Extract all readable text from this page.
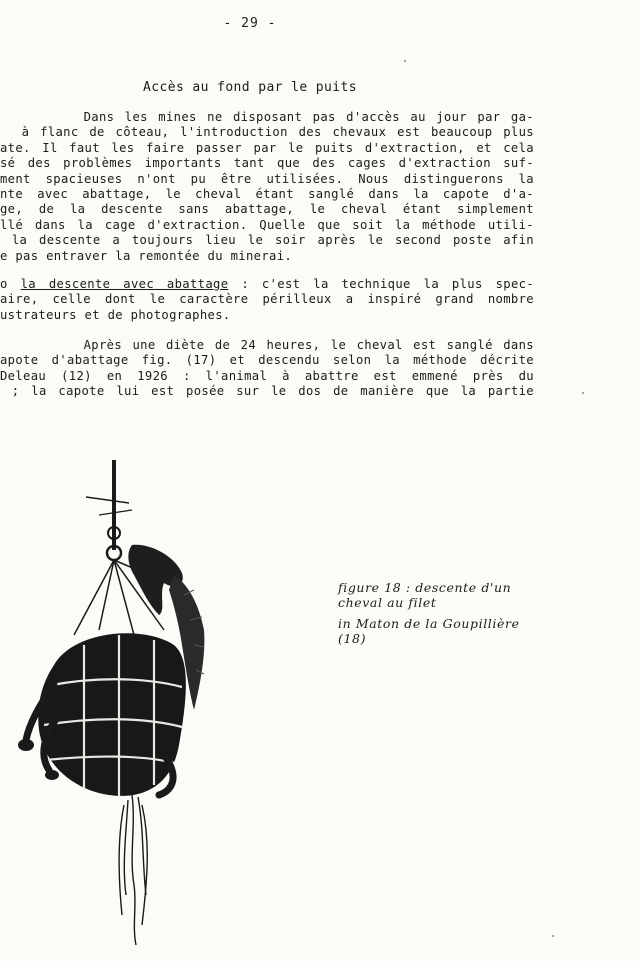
- 29 -
Accès au fond par le puits
Dans les mines ne disposant pas d'accès au jour par ga-
à flanc de côteau, l'introduction des chevaux est beaucoup plus
ate. Il faut les faire passer par le puits d'extraction, et cela
sé des problèmes importants tant que des cages d'extraction suf-
ment spacieuses n'ont pu être utilisées. Nous distinguerons la
nte avec abattage, le cheval étant sanglé dans la capote d'a-
ge, de la descente sans abattage, le cheval étant simplement
llé dans la cage d'extraction. Quelle que soit la méthode utili-
la descente a toujours lieu le soir après le second poste afin
e pas entraver la remontée du minerai.
o la descente avec abattage : c'est la technique la plus spec-
aire, celle dont le caractère périlleux a inspiré grand nombre
ustrateurs et de photographes.
Après une diète de 24 heures, le cheval est sanglé dans
apote d'abattage fig. (17) et descendu selon la méthode décrite
Deleau (12) en 1926 : l'animal à abattre est emmené près du
; la capote lui est posée sur le dos de manière que la partie
figure 18 : descente d'un
cheval au filet
in Maton de la Goupillière
(18)
